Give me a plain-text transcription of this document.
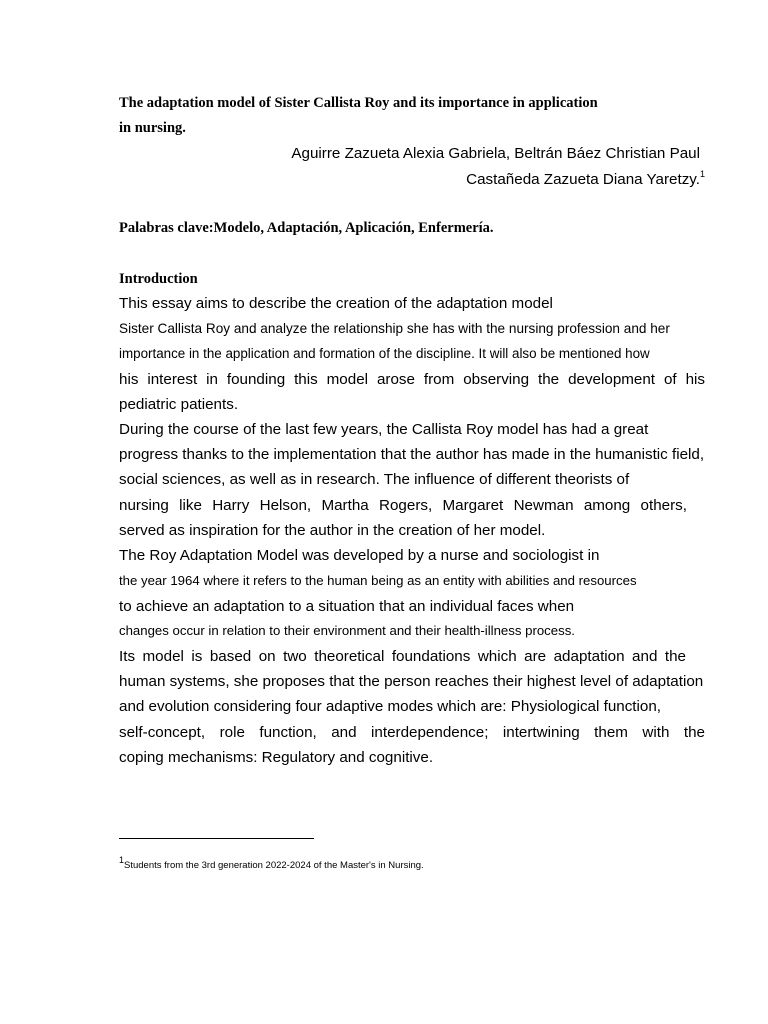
The adaptation model of Sister Callista Roy and its importance in application

in nursing.

Aguirre Zazueta Alexia Gabriela, Beltrán Báez Christian Paul

Castañeda Zazueta Diana Yaretzy.$^1$

Palabras clave:Modelo, Adaptación, Aplicación, Enfermería.

Introduction

This essay aims to describe the creation of the adaptation model

Sister Callista Roy and analyze the relationship she has with the nursing profession and her

importance in the application and formation of the discipline. It will also be mentioned how

his interest in founding this model arose from observing the development of his

pediatric patients.

During the course of the last few years, the Callista Roy model has had a great

progress thanks to the implementation that the author has made in the humanistic field,

social sciences, as well as in research. The influence of different theorists of

nursing like Harry Helson, Martha Rogers, Margaret Newman among others,

served as inspiration for the author in the creation of her model.

The Roy Adaptation Model was developed by a nurse and sociologist in

the year 1964 where it refers to the human being as an entity with abilities and resources

to achieve an adaptation to a situation that an individual faces when

changes occur in relation to their environment and their health-illness process.

Its model is based on two theoretical foundations which are adaptation and the

human systems, she proposes that the person reaches their highest level of adaptation

and evolution considering four adaptive modes which are: Physiological function,

self-concept, role function, and interdependence; intertwining them with the

coping mechanisms: Regulatory and cognitive.

1Students from the 3rd generation 2022-2024 of the Master's in Nursing.
